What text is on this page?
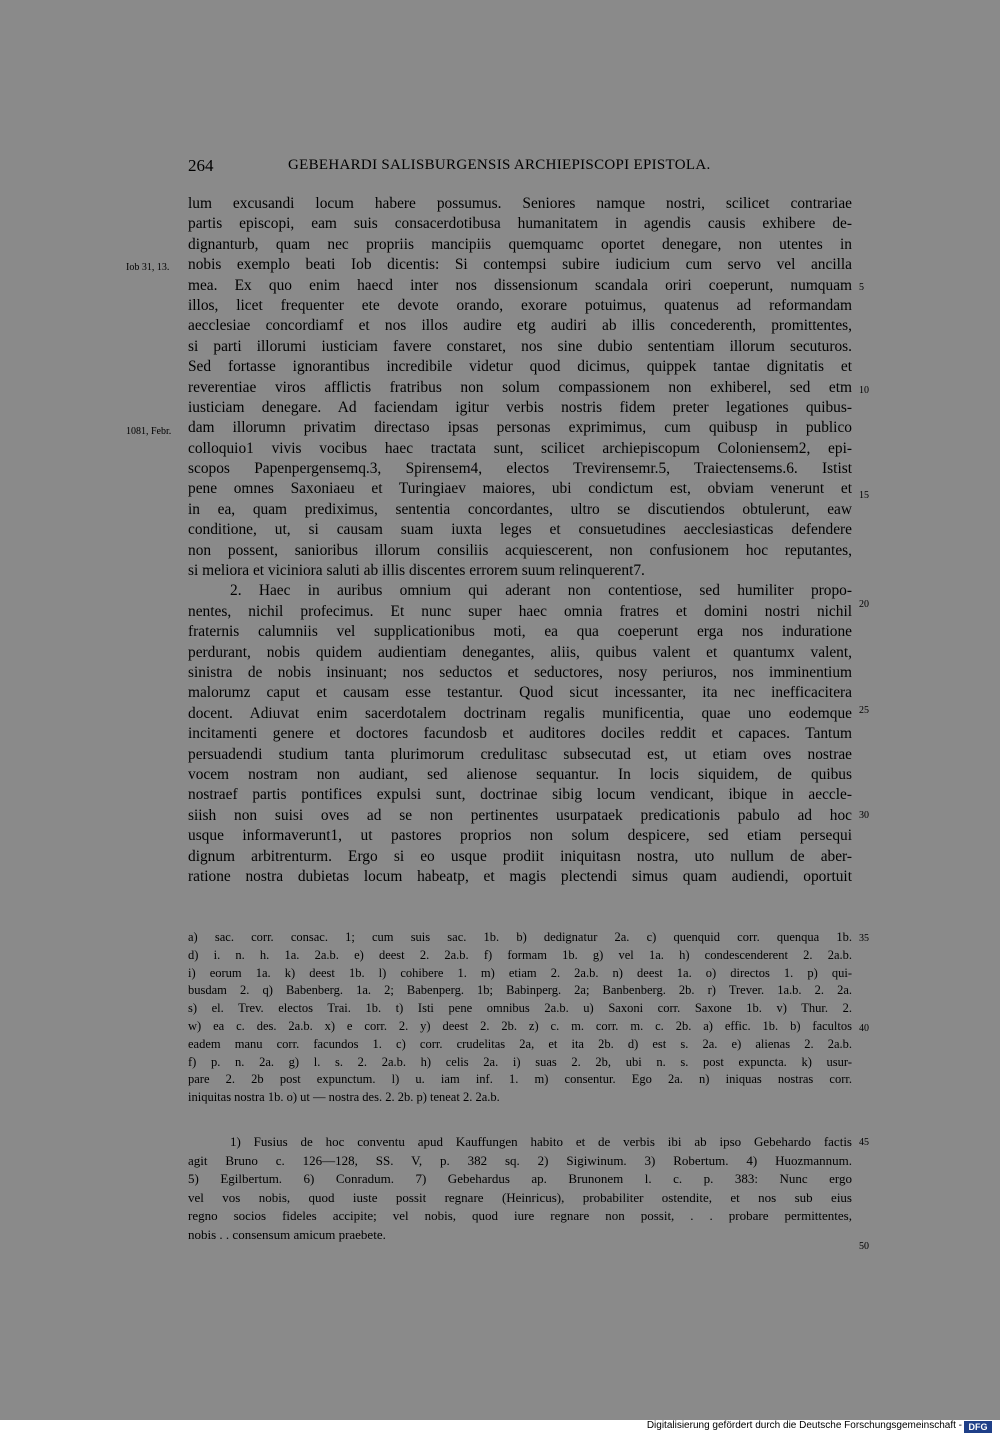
264	GEBEHARDI SALISBURGENSIS ARCHIEPISCOPI EPISTOLA.
Iob 31, 13.
1081, Febr.
lum excusandi locum habere possumus. Seniores namque nostri, scilicet contrariae
partis episcopi, eam suis consacerdotibusa humanitatem in agendis causis exhibere de-
dignanturb, quam nec propriis mancipiis quemquamc oportet denegare, non utentes in
nobis exemplo beati Iob dicentis: Si contempsi subire iudicium cum servo vel ancilla
mea. Ex quo enim haecd inter nos dissensionum scandala oriri coeperunt, numquam
illos, licet frequenter ete devote orando, exorare potuimus, quatenus ad reformandam
aecclesiae concordiamf et nos illos audire etg audiri ab illis concederenth, promittentes,
si parti illorumi iusticiam favere constaret, nos sine dubio sententiam illorum secuturos.
Sed fortasse ignorantibus incredibile videtur quod dicimus, quippek tantae dignitatis et
reverentiae viros afflictis fratribus non solum compassionem non exhiberel, sed etm
iusticiam denegare. Ad faciendam igitur verbis nostris fidem preter legationes quibus-
dam illorumn privatim directaso ipsas personas exprimimus, cum quibusp in publico
colloquio1 vivis vocibus haec tractata sunt, scilicet archiepiscopum Coloniensem2, epi-
scopos Papenpergensemq.3, Spirensem4, electos Trevirensemr.5, Traiectensems.6. Istist
pene omnes Saxoniaeu et Turingiaev maiores, ubi condictum est, obviam venerunt et
in ea, quam prediximus, sententia concordantes, ultro se discutiendos obtulerunt, eaw
conditione, ut, si causam suam iuxta leges et consuetudines aecclesiasticas defendere
non possent, sanioribus illorum consiliis acquiescerent, non confusionem hoc reputantes,
si meliora et viciniora saluti ab illis discentes errorem suum relinquerent7.
2. Haec in auribus omnium qui aderant non contentiose, sed humiliter propo-
nentes, nichil profecimus. Et nunc super haec omnia fratres et domini nostri nichil
fraternis calumniis vel supplicationibus moti, ea qua coeperunt erga nos induratione
perdurant, nobis quidem audientiam denegantes, aliis, quibus valent et quantumx valent,
sinistra de nobis insinuant; nos seductos et seductores, nosy periuros, nos imminentium
malorumz caput et causam esse testantur. Quod sicut incessanter, ita nec inefficacitera
docent. Adiuvat enim sacerdotalem doctrinam regalis munificentia, quae uno eodemque
incitamenti genere et doctores facundosb et auditores dociles reddit et capaces. Tantum
persuadendi studium tanta plurimorum credulitasc subsecutad est, ut etiam oves nostrae
vocem nostram non audiant, sed alienose sequantur. In locis siquidem, de quibus
nostraef partis pontifices expulsi sunt, doctrinae sibig locum vendicant, ibique in aeccle-
siish non suisi oves ad se non pertinentes usurpataek predicationis pabulo ad hoc
usque informaverunt1, ut pastores proprios non solum despicere, sed etiam persequi
dignum arbitrenturm. Ergo si eo usque prodiit iniquitasn nostra, uto nullum de aber-
ratione nostra dubietas locum habeatp, et magis plectendi simus quam audiendi, oportuit
a) sac. corr. consac. 1; cum suis sac. 1b. b) dedignatur 2a. c) quenquid corr. quenqua 1b.
d) i. n. h. 1a. 2a.b. e) deest 2. 2a.b. f) formam 1b. g) vel 1a. h) condescenderent 2. 2a.b.
i) eorum 1a. k) deest 1b. l) cohibere 1. m) etiam 2. 2a.b. n) deest 1a. o) directos 1. p) qui-
busdam 2. q) Babenberg. 1a. 2; Babenperg. 1b; Babinperg. 2a; Banbenberg. 2b. r) Trever. 1a.b. 2. 2a.
s) el. Trev. electos Trai. 1b. t) Isti pene omnibus 2a.b. u) Saxoni corr. Saxone 1b. v) Thur. 2.
w) ea c. des. 2a.b. x) e corr. 2. y) deest 2. 2b. z) c. m. corr. m. c. 2b. a) effic. 1b. b) facultos
eadem manu corr. facundos 1. c) corr. crudelitas 2a, et ita 2b. d) est s. 2a. e) alienas 2. 2a.b.
f) p. n. 2a. g) l. s. 2. 2a.b. h) celis 2a. i) suas 2. 2b, ubi n. s. post expuncta. k) usur-
pare 2. 2b post expunctum. l) u. iam inf. 1. m) consentur. Ego 2a. n) iniquas nostras corr.
iniquitas nostra 1b. o) ut — nostra des. 2. 2b. p) teneat 2. 2a.b.
1) Fusius de hoc conventu apud Kauffungen habito et de verbis ibi ab ipso Gebehardo factis
agit Bruno c. 126—128, SS. V, p. 382 sq. 2) Sigiwinum. 3) Robertum. 4) Huozmannum.
5) Egilbertum. 6) Conradum. 7) Gebehardus ap. Brunonem l. c. p. 383: Nunc ergo
vel vos nobis, quod iuste possit regnare (Heinricus), probabiliter ostendite, et nos sub eius
regno socios fideles accipite; vel nobis, quod iure regnare non possit, . . probare permittentes,
nobis . . consensum amicum praebete.
5
10
15
20
25
30
35
40
45
50
Digitalisierung gefördert durch die Deutsche Forschungsgemeinschaft - DFG
